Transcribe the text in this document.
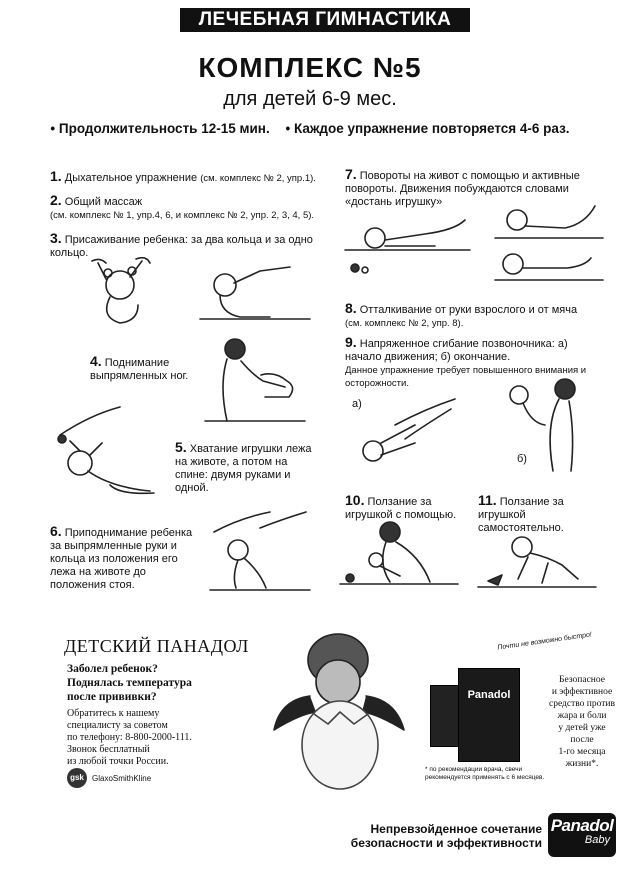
ЛЕЧЕБНАЯ ГИМНАСТИКА
КОМПЛЕКС №5
для детей 6-9 мес.
• Продолжительность 12-15 мин. • Каждое упражнение повторяется 4-6 раз.
1. Дыхательное упражнение (см. комплекс № 2, упр.1).
2. Общий массаж
(см. комплекс № 1, упр.4, 6, и комплекс № 2, упр. 2, 3, 4, 5).
3. Присаживание ребенка: за два кольца и за одно кольцо.
4. Поднимание выпрямленных ног.
5. Хватание игрушки лежа на животе, а потом на спине: двумя руками и одной.
6. Приподнимание ребенка за выпрямленные руки и кольца из положения его лежа на животе до положения стоя.
7. Повороты на живот с помощью и активные повороты. Движения побуждаются словами «достань игрушку»
8. Отталкивание от руки взрослого и от мяча
(см. комплекс № 2, упр. 8).
9. Напряженное сгибание позвоночника: а) начало движения; б) окончание.
Данное упражнение требует повышенного внимания и осторожности.
а)
б)
10. Ползание за игрушкой с помощью.
11. Ползание за игрушкой самостоятельно.
ДЕТСКИЙ ПАНАДОЛ
Заболел ребенок?
Поднялась температура
после прививки?
Обратитесь к нашему
специалисту за советом
по телефону: 8-800-2000-111.
Звонок бесплатный
из любой точки России.
gsk	GlaxoSmithKline
Почти не возможно быстро!
Panadol
Безопасное
и эффективное
средство против
жара и боли
у детей уже после
1-го месяца
жизни*.
* по рекомендации врача, свечи
рекомендуется применять с 6 месяцев.
Непревзойденное сочетание
безопасности и эффективности
Panadol
Baby
